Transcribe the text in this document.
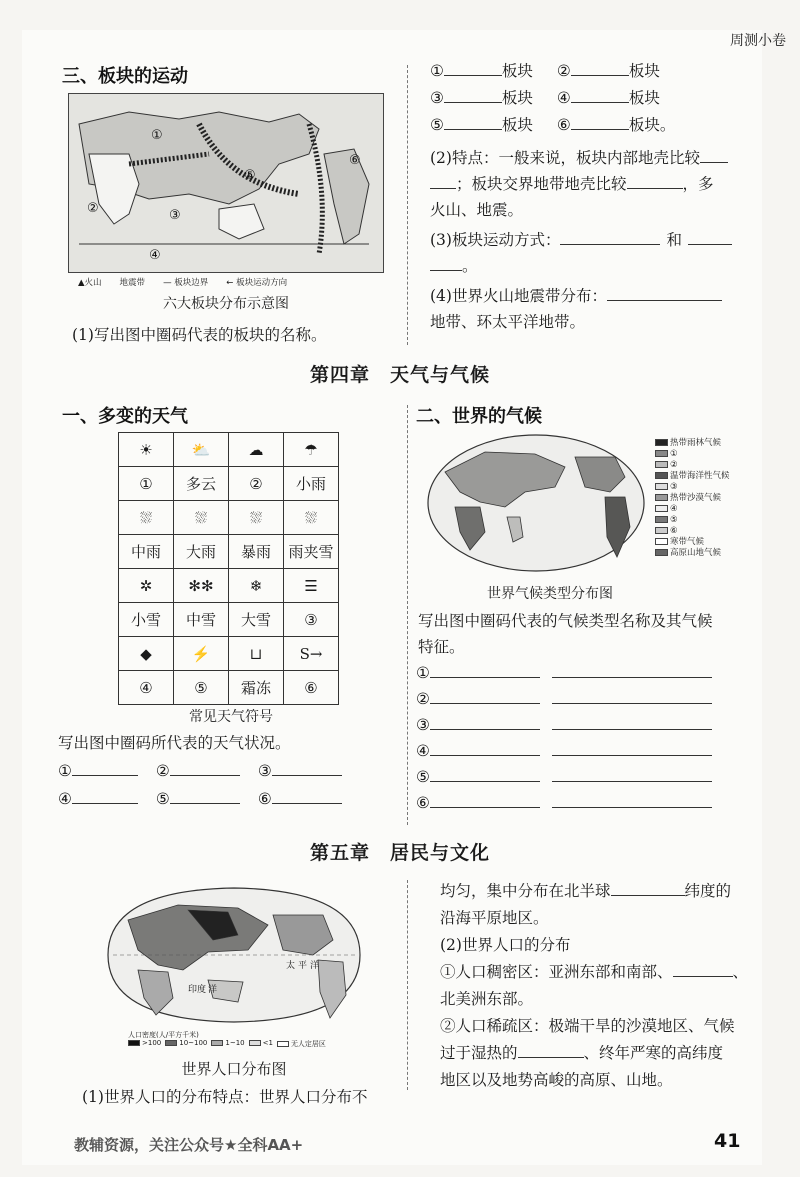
周测小卷
三、板块的运动
①
②	③
④
⑤
⑥
▲火山 地震带 — 板块边界 ← 板块运动方向
六大板块分布示意图
(1)写出图中圈码代表的板块的名称。
①	板块 ②	板块
③	板块 ④	板块
⑤	板块 ⑥	板块。
(2)特点：一般来说，板块内部地壳比较
；板块交界地带地壳比较	，多
火山、地震。
(3)板块运动方式：	和
。
(4)世界火山地震带分布：
地带、环太平洋地带。
第四章　天气与气候
一、多变的天气	二、世界的气候
☀	⛅	☁	☂
①	多云	②	小雨
⛆	⛆	⛆	⛆
中雨	大雨	暴雨	雨夹雪
✲	✻✻	❄	☰
小雪	中雪	大雪	③
◆	⚡	⊔	S→
④	⑤	霜冻	⑥
常见天气符号
写出图中圈码所代表的天气状况。
①	②	③
④	⑤	⑥
热带雨林气候
①
②
温带海洋性气候
③
热带沙漠气候
④
⑤
⑥
寒带气候
高原山地气候
世界气候类型分布图
写出图中圈码代表的气候类型名称及其气候
特征。
①
②
③
④
⑤
⑥
第五章　居民与文化
太 平 洋
印度 洋
人口密度(人/平方千米)
>100	10~100	1~10	<1	无人定居区
世界人口分布图
(1)世界人口的分布特点：世界人口分布不
均匀，集中分布在北半球	纬度的
沿海平原地区。
(2)世界人口的分布
①人口稠密区：亚洲东部和南部、	、
北美洲东部。
②人口稀疏区：极端干旱的沙漠地区、气候
过于湿热的	、终年严寒的高纬度
地区以及地势高峻的高原、山地。
教辅资源，关注公众号★全科AA+	41
